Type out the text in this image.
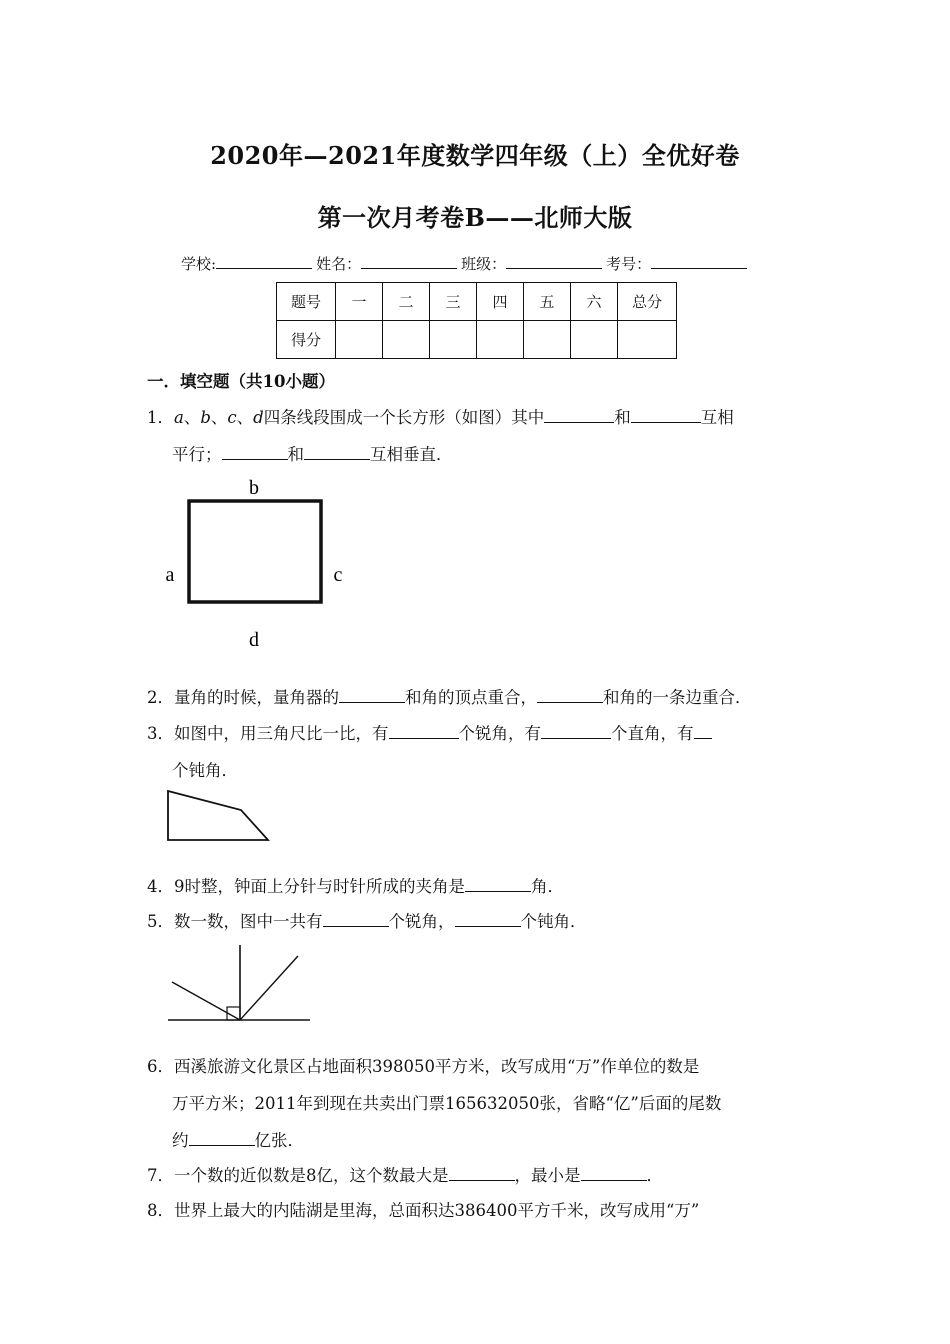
2020年—2021年度数学四年级（上）全优好卷
第一次月考卷B——北师大版
学校:	姓名：	班级：	考号：
题号	一	二	三	四	五	六	总分
得分							
一．填空题（共10小题）
1．a、b、c、d四条线段围成一个长方形（如图）其中	和	互相
平行；	和	互相垂直．
b
a	c
d
2．量角的时候，量角器的	和角的顶点重合，	和角的一条边重合．
3．如图中，用三角尺比一比，有	个锐角，有	个直角，有
个钝角．
4．9时整，钟面上分针与时针所成的夹角是	角．
5．数一数，图中一共有	个锐角，	个钝角．
6．西溪旅游文化景区占地面积398050平方米，改写成用“万”作单位的数是
万平方米；2011年到现在共卖出门票165632050张，省略“亿”后面的尾数
约	亿张．
7．一个数的近似数是8亿，这个数最大是	，最小是	．
8．世界上最大的内陆湖是里海，总面积达386400平方千米，改写成用“万”
